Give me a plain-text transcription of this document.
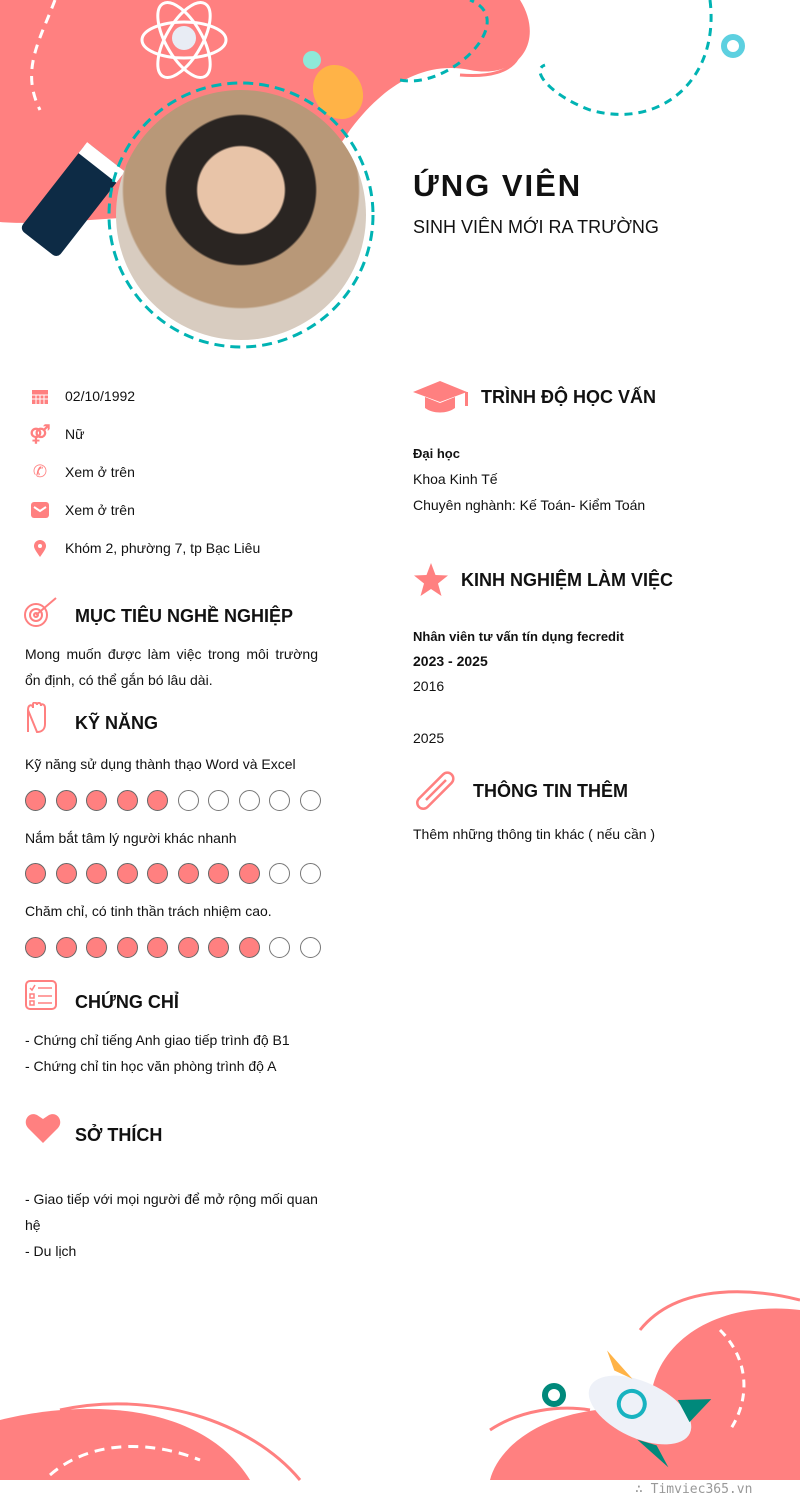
ỨNG VIÊN
SINH VIÊN MỚI RA TRƯỜNG
02/10/1992
⚤ Nữ
✆ Xem ở trên
Xem ở trên
Khóm 2, phường 7, tp Bạc Liêu
MỤC TIÊU NGHỀ NGHIỆP
Mong muốn được làm việc trong môi trường ổn định, có thể gắn bó lâu dài.
KỸ NĂNG
Kỹ năng sử dụng thành thạo Word và Excel
Nắm bắt tâm lý người khác nhanh
Chăm chỉ, có tinh thần trách nhiệm cao.
CHỨNG CHỈ
- Chứng chỉ tiếng Anh giao tiếp trình độ B1
- Chứng chỉ tin học văn phòng trình độ A
SỞ THÍCH
- Giao tiếp với mọi người để mở rộng mối quan hệ
- Du lịch
TRÌNH ĐỘ HỌC VẤN
Đại học
Khoa Kinh Tế
Chuyên nghành: Kế Toán- Kiểm Toán
KINH NGHIỆM LÀM VIỆC
Nhân viên tư vấn tín dụng fecredit
2023 - 2025
2016
2025
THÔNG TIN THÊM
Thêm những thông tin khác ( nếu cần )
∴ Timviec365.vn
